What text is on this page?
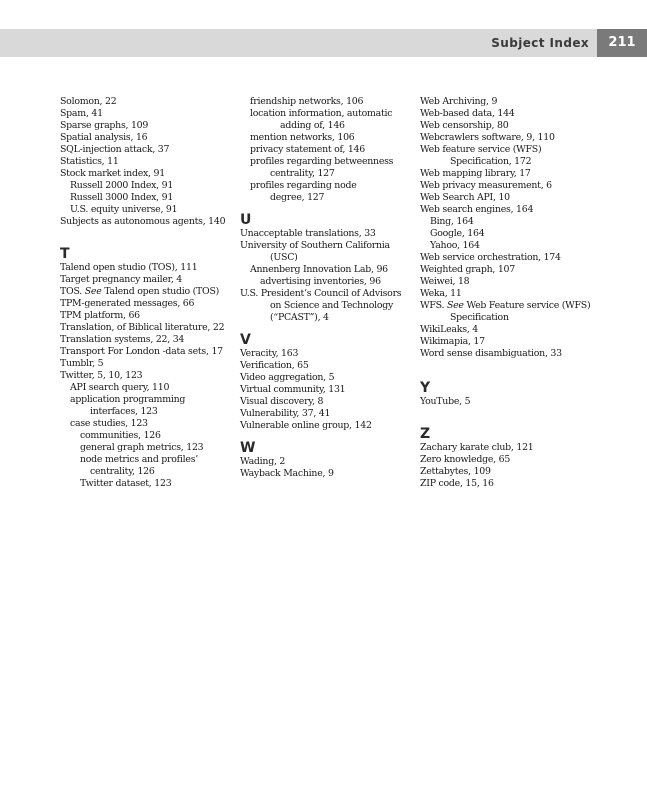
Subject Index	211
Solomon, 22
Spam, 41
Sparse graphs, 109
Spatial analysis, 16
SQL-injection attack, 37
Statistics, 11
Stock market index, 91
Russell 2000 Index, 91
Russell 3000 Index, 91
U.S. equity universe, 91
Subjects as autonomous agents, 140
T
Talend open studio (TOS), 111
Target pregnancy mailer, 4
TOS. See Talend open studio (TOS)
TPM-generated messages, 66
TPM platform, 66
Translation, of Biblical literature, 22
Translation systems, 22, 34
Transport For London -data sets, 17
Tumblr, 5
Twitter, 5, 10, 123
API search query, 110
application programming
interfaces, 123
case studies, 123
communities, 126
general graph metrics, 123
node metrics and profiles’
centrality, 126
Twitter dataset, 123
friendship networks, 106
location information, automatic
adding of, 146
mention networks, 106
privacy statement of, 146
profiles regarding betweenness
centrality, 127
profiles regarding node
degree, 127
U
Unacceptable translations, 33
University of Southern California
(USC)
Annenberg Innovation Lab, 96
advertising inventories, 96
U.S. President’s Council of Advisors
on Science and Technology
(“PCAST”), 4
V
Veracity, 163
Verification, 65
Video aggregation, 5
Virtual community, 131
Visual discovery, 8
Vulnerability, 37, 41
Vulnerable online group, 142
W
Wading, 2
Wayback Machine, 9
Web Archiving, 9
Web-based data, 144
Web censorship, 80
Webcrawlers software, 9, 110
Web feature service (WFS)
Specification, 172
Web mapping library, 17
Web privacy measurement, 6
Web Search API, 10
Web search engines, 164
Bing, 164
Google, 164
Yahoo, 164
Web service orchestration, 174
Weighted graph, 107
Weiwei, 18
Weka, 11
WFS. See Web Feature service (WFS)
Specification
WikiLeaks, 4
Wikimapia, 17
Word sense disambiguation, 33
Y
YouTube, 5
Z
Zachary karate club, 121
Zero knowledge, 65
Zettabytes, 109
ZIP code, 15, 16
